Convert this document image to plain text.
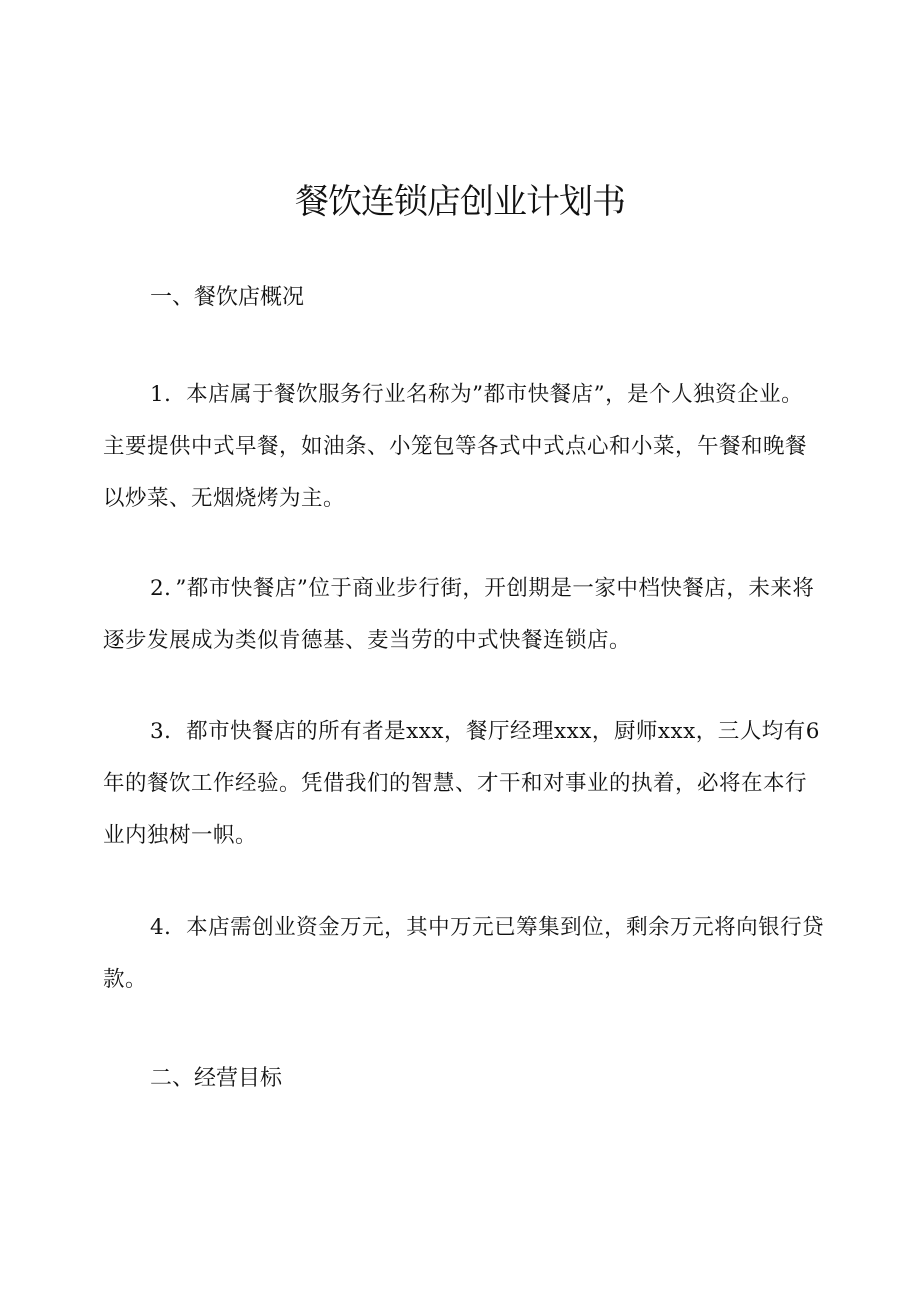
餐饮连锁店创业计划书
一、餐饮店概况

1．本店属于餐饮服务行业名称为”都市快餐店”，是个人独资企业。主要提供中式早餐，如油条、小笼包等各式中式点心和小菜，午餐和晚餐以炒菜、无烟烧烤为主。

2．”都市快餐店”位于商业步行街，开创期是一家中档快餐店，未来将逐步发展成为类似肯德基、麦当劳的中式快餐连锁店。

3．都市快餐店的所有者是xxx，餐厅经理xxx，厨师xxx，三人均有6年的餐饮工作经验。凭借我们的智慧、才干和对事业的执着，必将在本行业内独树一帜。

4．本店需创业资金万元，其中万元已筹集到位，剩余万元将向银行贷款。

二、经营目标
